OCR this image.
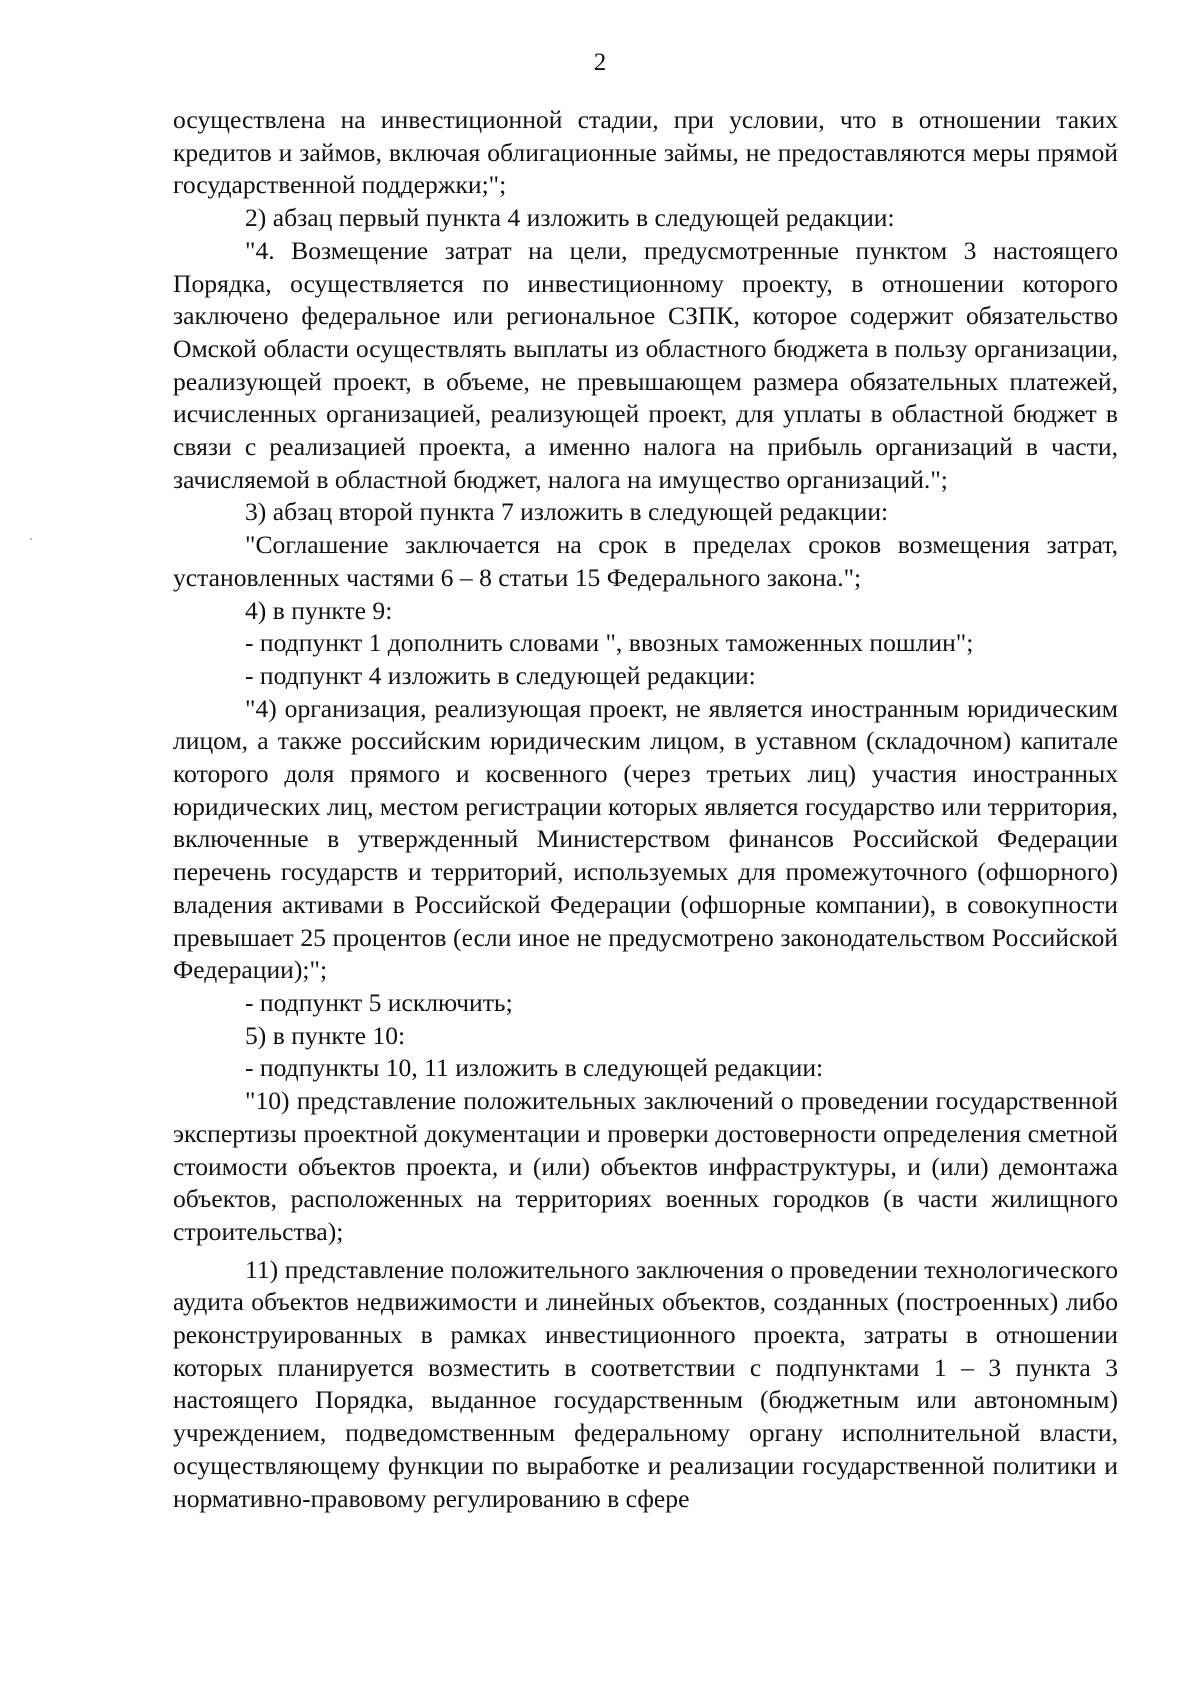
2

осуществлена на инвестиционной стадии, при условии, что в отношении таких кредитов и займов, включая облигационные займы, не предоставляются меры прямой государственной поддержки;";

2) абзац первый пункта 4 изложить в следующей редакции:

"4. Возмещение затрат на цели, предусмотренные пунктом 3 настоящего Порядка, осуществляется по инвестиционному проекту, в отношении которого заключено федеральное или региональное СЗПК, которое содержит обязательство Омской области осуществлять выплаты из областного бюджета в пользу организации, реализующей проект, в объеме, не превышающем размера обязательных платежей, исчисленных организацией, реализующей проект, для уплаты в областной бюджет в связи с реализацией проекта, а именно налога на прибыль организаций в части, зачисляемой в областной бюджет, налога на имущество организаций.";

3) абзац второй пункта 7 изложить в следующей редакции:

"Соглашение заключается на срок в пределах сроков возмещения затрат, установленных частями 6 – 8 статьи 15 Федерального закона.";

4) в пункте 9:

- подпункт 1 дополнить словами ", ввозных таможенных пошлин";

- подпункт 4 изложить в следующей редакции:

"4) организация, реализующая проект, не является иностранным юридическим лицом, а также российским юридическим лицом, в уставном (складочном) капитале которого доля прямого и косвенного (через третьих лиц) участия иностранных юридических лиц, местом регистрации которых является государство или территория, включенные в утвержденный Министерством финансов Российской Федерации перечень государств и территорий, используемых для промежуточного (офшорного) владения активами в Российской Федерации (офшорные компании), в совокупности превышает 25 процентов (если иное не предусмотрено законодательством Российской Федерации);";

- подпункт 5 исключить;

5) в пункте 10:

- подпункты 10, 11 изложить в следующей редакции:

"10) представление положительных заключений о проведении государственной экспертизы проектной документации и проверки достоверности определения сметной стоимости объектов проекта, и (или) объектов инфраструктуры, и (или) демонтажа объектов, расположенных на территориях военных городков (в части жилищного строительства);

11) представление положительного заключения о проведении технологического аудита объектов недвижимости и линейных объектов, созданных (построенных) либо реконструированных в рамках инвестиционного проекта, затраты в отношении которых планируется возместить в соответствии с подпунктами 1 – 3 пункта 3 настоящего Порядка, выданное государственным (бюджетным или автономным) учреждением, подведомственным федеральному органу исполнительной власти, осуществляющему функции по выработке и реализации государственной политики и нормативно-правовому регулированию в сфере
